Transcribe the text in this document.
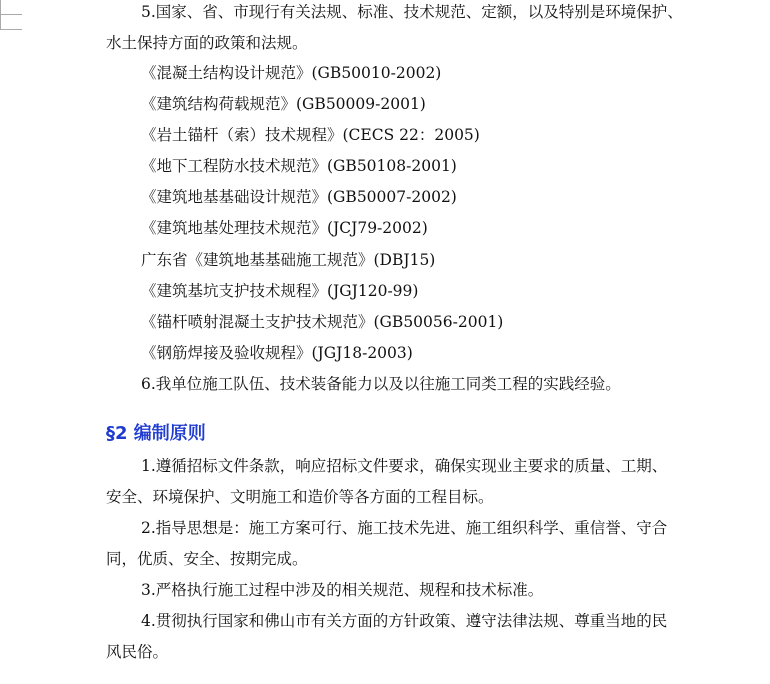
5.国家、省、市现行有关法规、标准、技术规范、定额，以及特别是环境保护、
水土保持方面的政策和法规。
《混凝土结构设计规范》(GB50010-2002)
《建筑结构荷载规范》(GB50009-2001)
《岩土锚杆（索）技术规程》(CECS 22：2005)
《地下工程防水技术规范》(GB50108-2001)
《建筑地基基础设计规范》(GB50007-2002)
《建筑地基处理技术规范》(JCJ79-2002)
广东省《建筑地基基础施工规范》(DBJ15)
《建筑基坑支护技术规程》(JGJ120-99)
《锚杆喷射混凝土支护技术规范》(GB50056-2001)
《钢筋焊接及验收规程》(JGJ18-2003)
6.我单位施工队伍、技术装备能力以及以往施工同类工程的实践经验。
§2 编制原则
1.遵循招标文件条款，响应招标文件要求，确保实现业主要求的质量、工期、
安全、环境保护、文明施工和造价等各方面的工程目标。
2.指导思想是：施工方案可行、施工技术先进、施工组织科学、重信誉、守合
同，优质、安全、按期完成。
3.严格执行施工过程中涉及的相关规范、规程和技术标准。
4.贯彻执行国家和佛山市有关方面的方针政策、遵守法律法规、尊重当地的民
风民俗。
